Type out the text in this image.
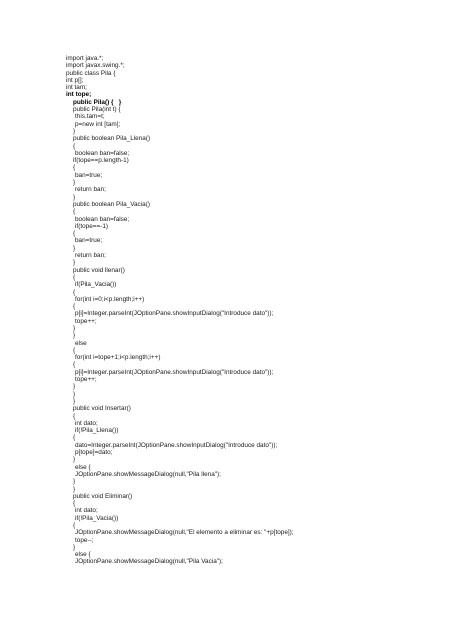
import java.*;
import javax.swing.*;
public class Pila {
int p[];
int tam;
int tope;
public Pila() {   }
public Pila(int t) {
this.tam=t;
p=new int [tam];
}
public boolean Pila_Llena()
{
boolean ban=false;
if(tope==p.length-1)
{
ban=true;
}
return ban;
}
public boolean Pila_Vacia()
{
boolean ban=false;
if(tope==-1)
{
ban=true;
}
return ban;
}
public void llenar()
{
if(Pila_Vacia())
{
for(int i=0;i<p.length;i++)
{
p[i]=Integer.parseInt(JOptionPane.showInputDialog("Introduce dato"));
tope++;
}
}
else
{
for(int i=tope+1;i<p.length;i++)
{
p[i]=Integer.parseInt(JOptionPane.showInputDialog("Introduce dato"));
tope++;
}
}
}
public void Insertar()
{
int dato;
if(!Pila_Llena())
{
dato=Integer.parseInt(JOptionPane.showInputDialog("Introduce dato"));
p[tope]=dato;
}
else {
JOptionPane.showMessageDialog(null,"Pila llena");
}
}
public void Eliminar()
{
int dato;
if(!Pila_Vacia())
{
JOptionPane.showMessageDialog(null,"El elemento a eliminar es: "+p[tope]);
tope--;
}
else {
JOptionPane.showMessageDialog(null,"Pila Vacia");
